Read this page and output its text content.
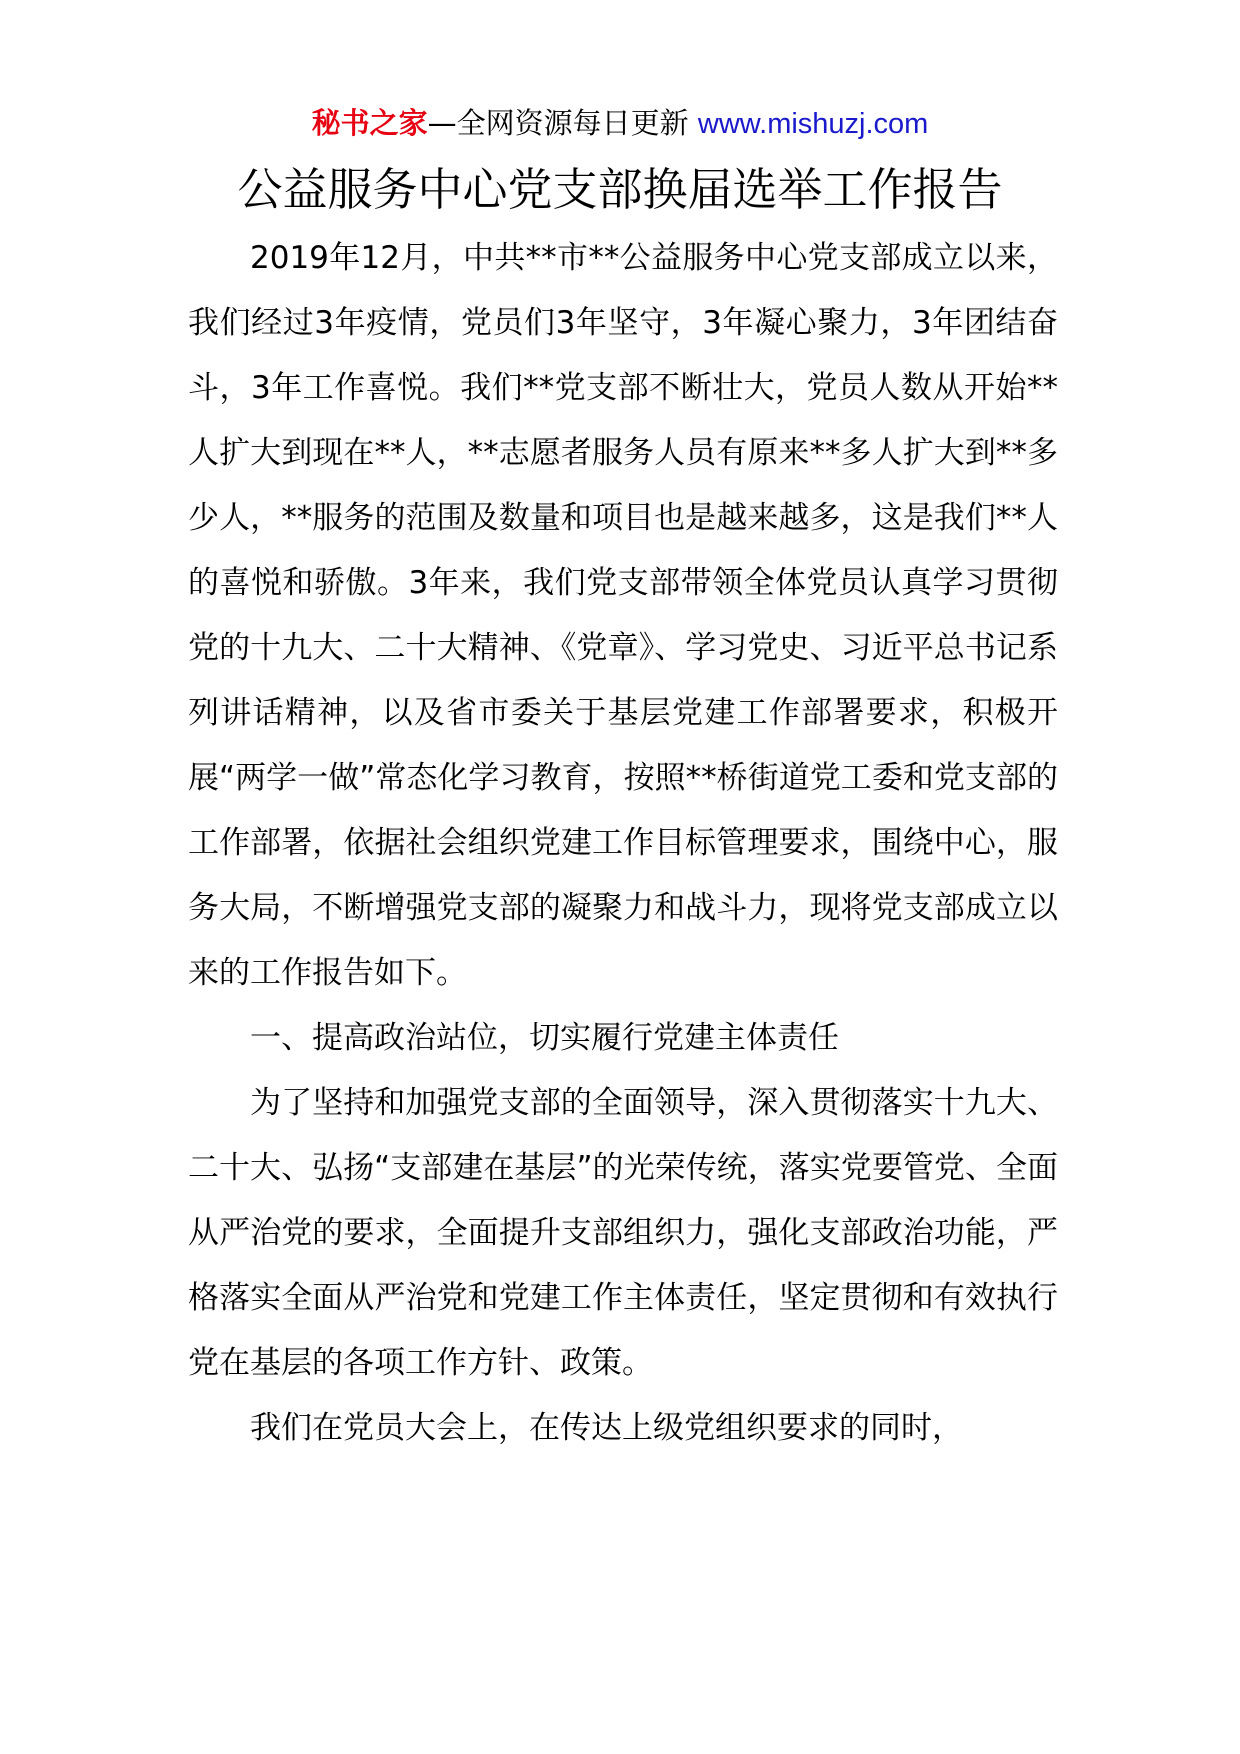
秘书之家—全网资源每日更新 www.mishuzj.com
公益服务中心党支部换届选举工作报告

2019年12月，中共**市**公益服务中心党支部成立以来，我们经过3年疫情，党员们3年坚守，3年凝心聚力，3年团结奋斗，3年工作喜悦。我们**党支部不断壮大，党员人数从开始**人扩大到现在**人，**志愿者服务人员有原来**多人扩大到**多少人，**服务的范围及数量和项目也是越来越多，这是我们**人的喜悦和骄傲。3年来，我们党支部带领全体党员认真学习贯彻党的十九大、二十大精神、《党章》、学习党史、习近平总书记系列讲话精神，以及省市委关于基层党建工作部署要求，积极开展“两学一做”常态化学习教育，按照**桥街道党工委和党支部的工作部署，依据社会组织党建工作目标管理要求，围绕中心，服务大局，不断增强党支部的凝聚力和战斗力，现将党支部成立以来的工作报告如下。

一、提高政治站位，切实履行党建主体责任

为了坚持和加强党支部的全面领导，深入贯彻落实十九大、二十大、弘扬“支部建在基层”的光荣传统，落实党要管党、全面从严治党的要求，全面提升支部组织力，强化支部政治功能，严格落实全面从严治党和党建工作主体责任，坚定贯彻和有效执行党在基层的各项工作方针、政策。

我们在党员大会上，在传达上级党组织要求的同时，
